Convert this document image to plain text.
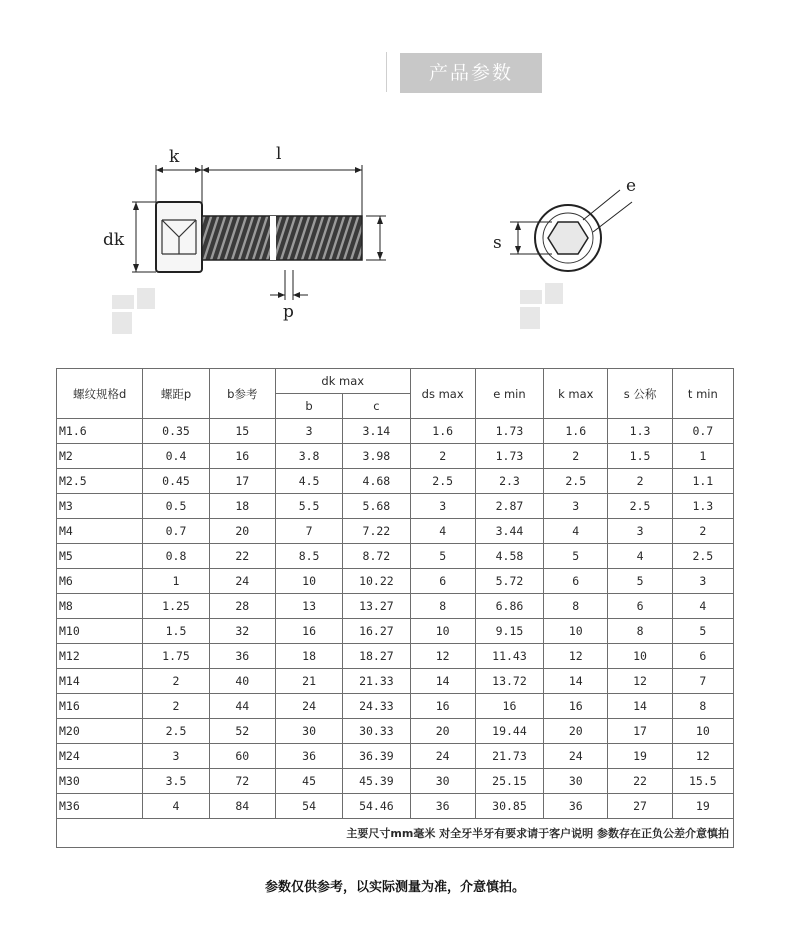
产品参数
k	l
dk
p
e
s
螺纹规格d	螺距p	b参考	dk max		ds max	e min	k max	s 公称	t min
			b	c					
M1.6	0.35	15	3	3.14	1.6	1.73	1.6	1.3	0.7
M2	0.4	16	3.8	3.98	2	1.73	2	1.5	1
M2.5	0.45	17	4.5	4.68	2.5	2.3	2.5	2	1.1
M3	0.5	18	5.5	5.68	3	2.87	3	2.5	1.3
M4	0.7	20	7	7.22	4	3.44	4	3	2
M5	0.8	22	8.5	8.72	5	4.58	5	4	2.5
M6	1	24	10	10.22	6	5.72	6	5	3
M8	1.25	28	13	13.27	8	6.86	8	6	4
M10	1.5	32	16	16.27	10	9.15	10	8	5
M12	1.75	36	18	18.27	12	11.43	12	10	6
M14	2	40	21	21.33	14	13.72	14	12	7
M16	2	44	24	24.33	16	16	16	14	8
M20	2.5	52	30	30.33	20	19.44	20	17	10
M24	3	60	36	36.39	24	21.73	24	19	12
M30	3.5	72	45	45.39	30	25.15	30	22	15.5
M36	4	84	54	54.46	36	30.85	36	27	19
主要尺寸mm毫米 对全牙半牙有要求请于客户说明 参数存在正负公差介意慎拍									
参数仅供参考，以实际测量为准，介意慎拍。
